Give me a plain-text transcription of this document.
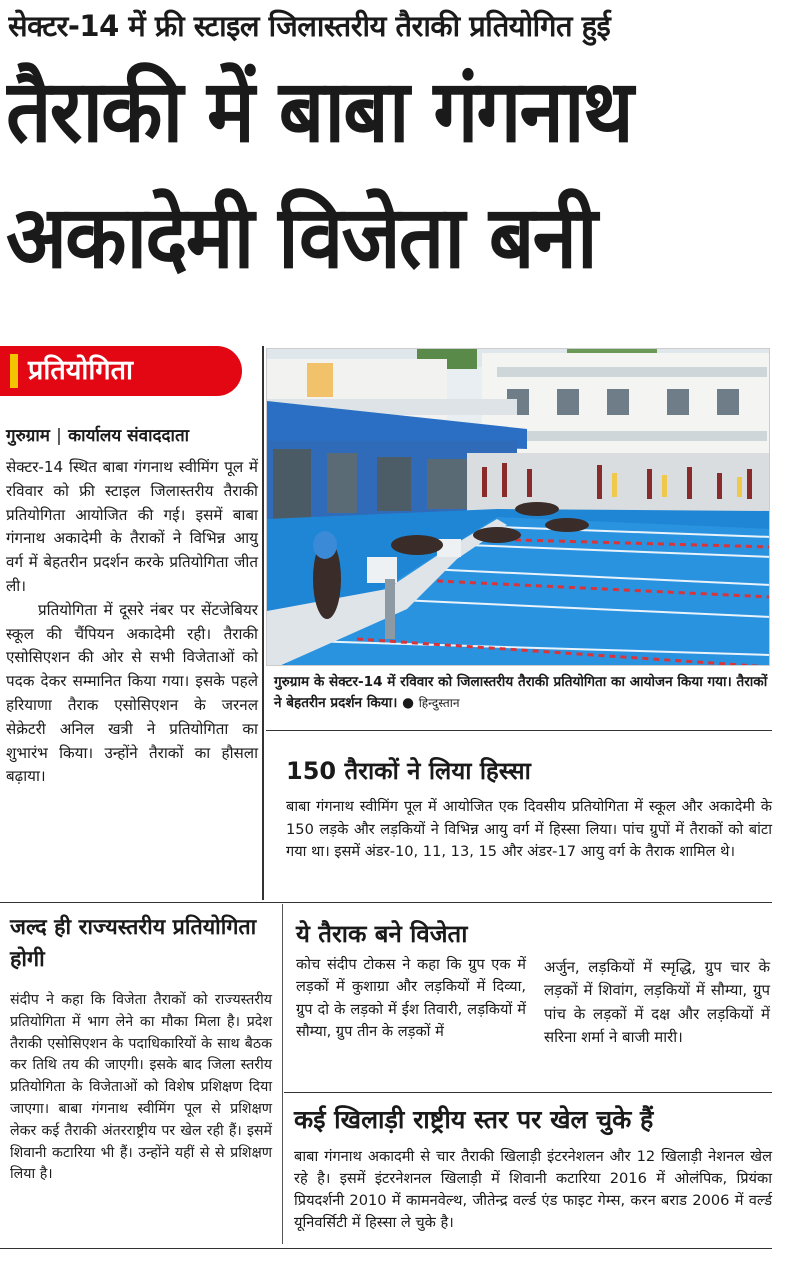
सेक्टर-14 में फ्री स्टाइल जिलास्तरीय तैराकी प्रतियोगित हुई
तैराकी में बाबा गंगनाथ
अकादेमी विजेता बनी
प्रतियोगिता
गुरुग्राम | कार्यालय संवाददाता

सेक्टर-14 स्थित बाबा गंगनाथ स्वीमिंग पूल में रविवार को फ्री स्टाइल जिलास्तरीय तैराकी प्रतियोगिता आयोजित की गई। इसमें बाबा गंगनाथ अकादेमी के तैराकों ने विभिन्न आयु वर्ग में बेहतरीन प्रदर्शन करके प्रतियोगिता जीत ली।

प्रतियोगिता में दूसरे नंबर पर सेंटजेबियर स्कूल की चैंपियन अकादेमी रही। तैराकी एसोसिएशन की ओर से सभी विजेताओं को पदक देकर सम्मानित किया गया। इसके पहले हरियाणा तैराक एसोसिएशन के जरनल सेक्रेटरी अनिल खत्री ने प्रतियोगिता का शुभारंभ किया। उन्होंने तैराकों का हौसला बढ़ाया।

गुरुग्राम के सेक्टर-14 में रविवार को जिलास्तरीय तैराकी प्रतियोगिता का आयोजन किया गया। तैराकों ने बेहतरीन प्रदर्शन किया। ● हिन्दुस्तान
150 तैराकों ने लिया हिस्सा
बाबा गंगनाथ स्वीमिंग पूल में आयोजित एक दिवसीय प्रतियोगिता में स्कूल और अकादेमी के 150 लड़के और लड़कियों ने विभिन्न आयु वर्ग में हिस्सा लिया। पांच ग्रुपों में तैराकों को बांटा गया था। इसमें अंडर-10, 11, 13, 15 और अंडर-17 आयु वर्ग के तैराक शामिल थे।
जल्द ही राज्यस्तरीय प्रतियोगिता होगी
संदीप ने कहा कि विजेता तैराकों को राज्यस्तरीय प्रतियोगिता में भाग लेने का मौका मिला है। प्रदेश तैराकी एसोसिएशन के पदाधिकारियों के साथ बैठक कर तिथि तय की जाएगी। इसके बाद जिला स्तरीय प्रतियोगिता के विजेताओं को विशेष प्रशिक्षण दिया जाएगा। बाबा गंगनाथ स्वीमिंग पूल से प्रशिक्षण लेकर कई तैराकी अंतरराष्ट्रीय पर खेल रही हैं। इसमें शिवानी कटारिया भी हैं। उन्होंने यहीं से से प्रशिक्षण लिया है।
ये तैराक बने विजेता
कोच संदीप टोकस ने कहा कि ग्रुप एक में लड़कों में कुशाग्रा और लड़कियों में दिव्या, ग्रुप दो के लड़को में ईश तिवारी, लड़कियों में सौम्या, ग्रुप तीन के लड़कों में
अर्जुन, लड़कियों में स्मृद्धि, ग्रुप चार के लड़कों में शिवांग, लड़कियों में सौम्या, ग्रुप पांच के लड़कों में दक्ष और लड़कियों में सरिना शर्मा ने बाजी मारी।
कई खिलाड़ी राष्ट्रीय स्तर पर खेल चुके हैं
बाबा गंगनाथ अकादमी से चार तैराकी खिलाड़ी इंटरनेशलन और 12 खिलाड़ी नेशनल खेल रहे है। इसमें इंटरनेशनल खिलाड़ी में शिवानी कटारिया 2016 में ओलंपिक, प्रियंका प्रियदर्शनी 2010 में कामनवेल्थ, जीतेन्द्र वर्ल्ड एंड फाइट गेम्स, करन बराड 2006 में वर्ल्ड यूनिवर्सिटी में हिस्सा ले चुके है।
